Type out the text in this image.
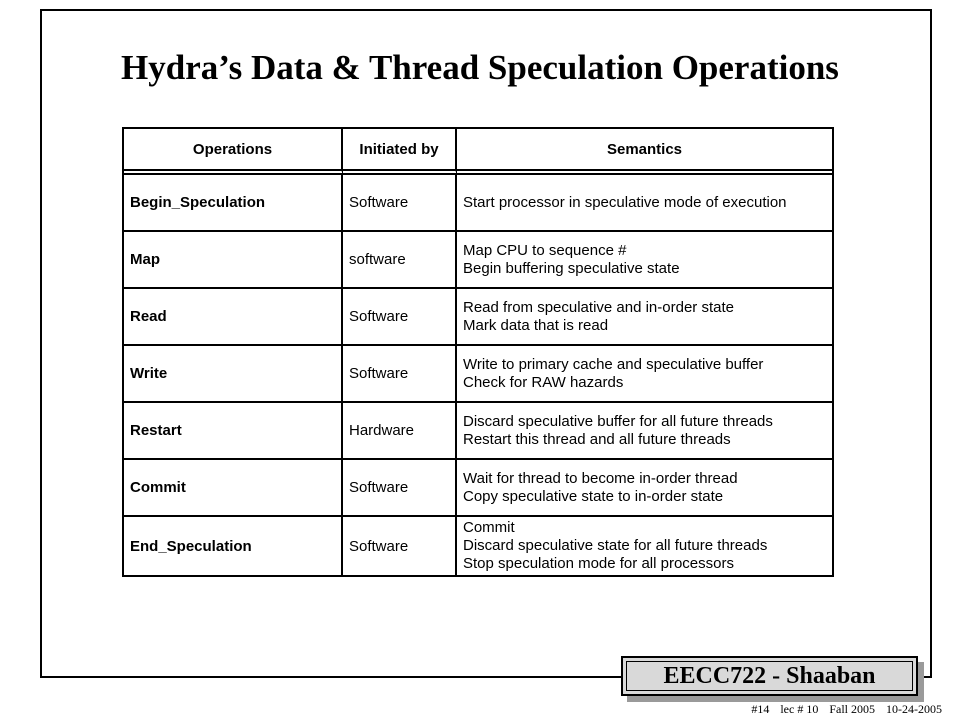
Hydra’s Data & Thread Speculation Operations
Operations	Initiated by	Semantics
Begin_Speculation	Software	Start processor in speculative mode of execution

Map	software	Map CPU to sequence #
Begin buffering speculative state

Read	Software	Read from speculative and in-order state
Mark data that is read

Write	Software	Write to primary cache and speculative buffer
Check for RAW hazards

Restart	Hardware	Discard speculative buffer for all future threads
Restart this thread and all future threads

Commit	Software	Wait for thread to become in-order thread
Copy speculative state to in-order state

End_Speculation	Software	Commit
Discard speculative state for all future threads
Stop speculation mode for all processors
EECC722 - Shaaban
#14 lec # 10 Fall 2005 10-24-2005
